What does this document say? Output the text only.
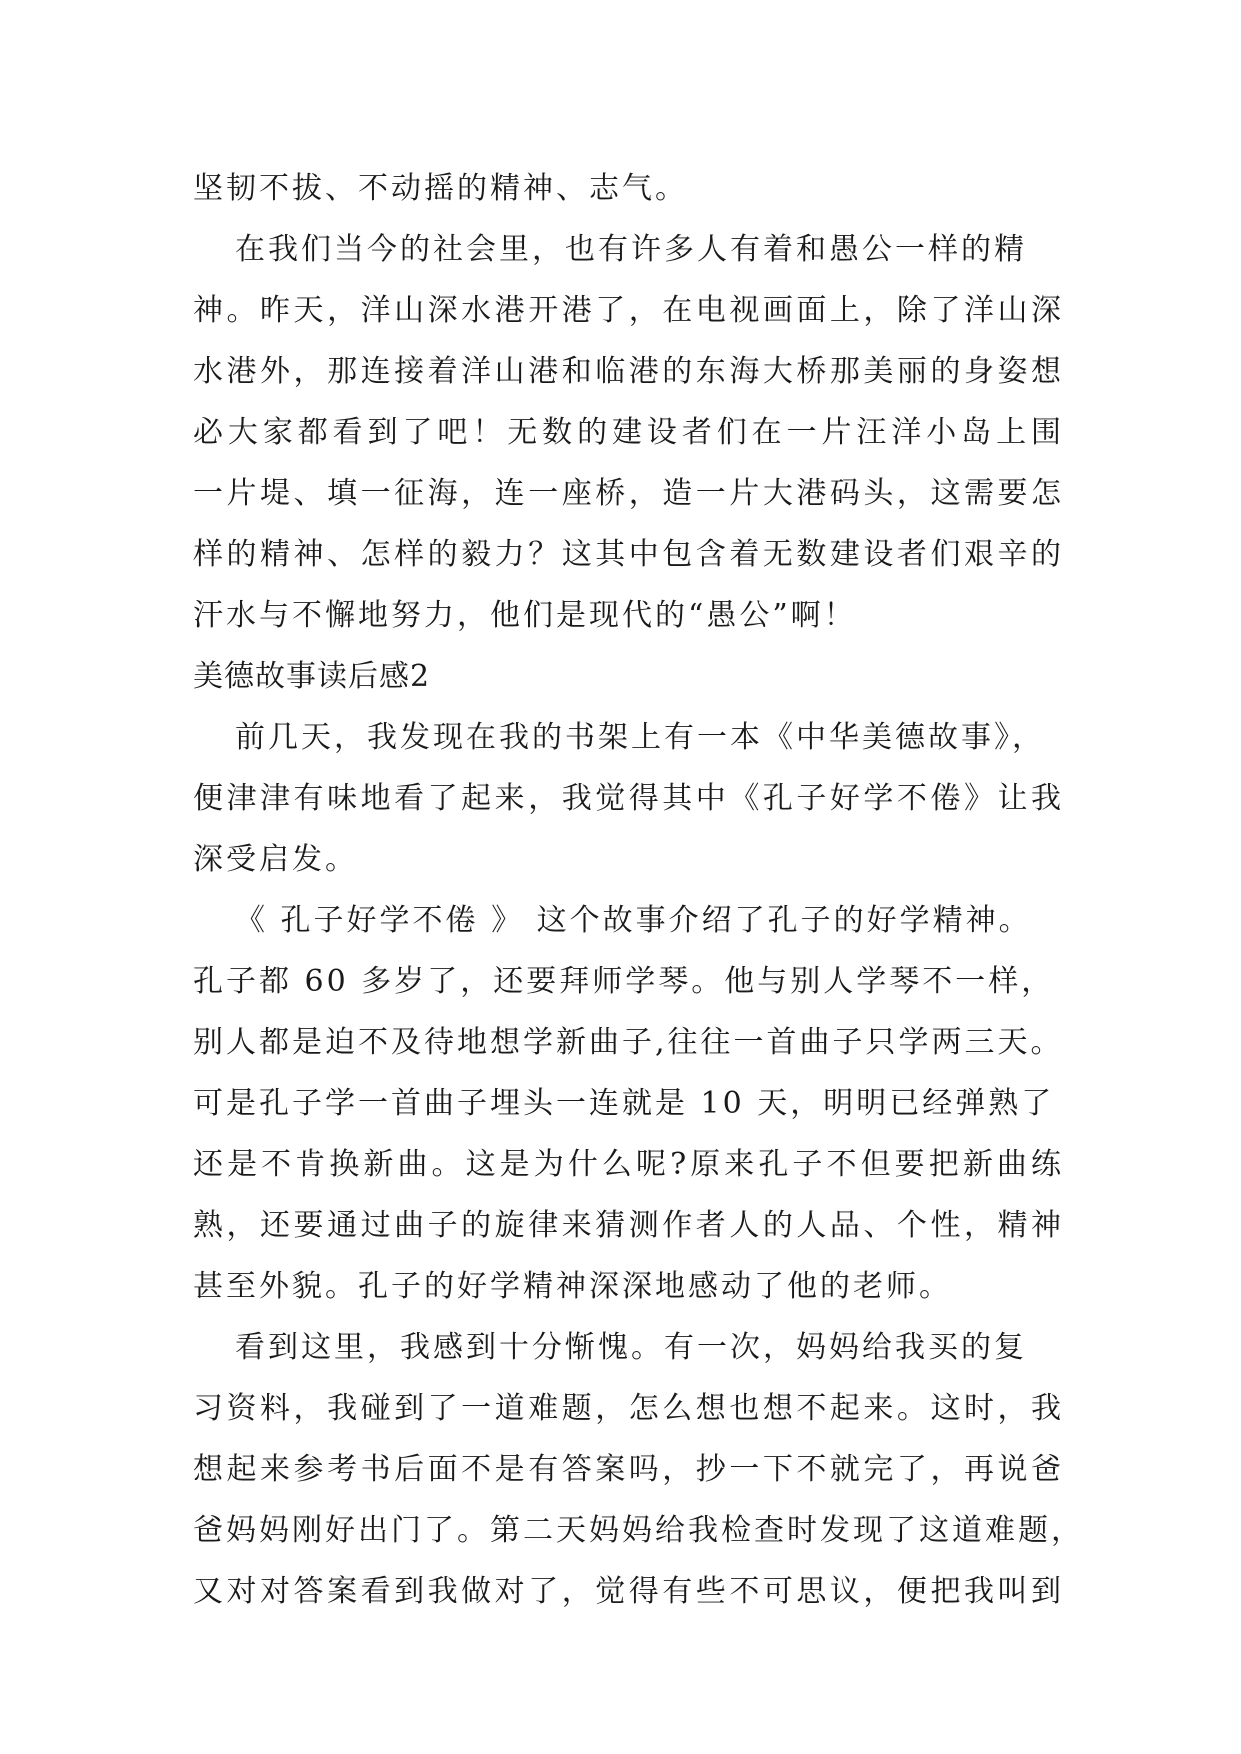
坚韧不拔、不动摇的精神、志气。
在我们当今的社会里，也有许多人有着和愚公一样的精
神。昨天，洋山深水港开港了，在电视画面上，除了洋山深
水港外，那连接着洋山港和临港的东海大桥那美丽的身姿想
必大家都看到了吧！无数的建设者们在一片汪洋小岛上围
一片堤、填一征海，连一座桥，造一片大港码头，这需要怎
样的精神、怎样的毅力？这其中包含着无数建设者们艰辛的
汗水与不懈地努力，他们是现代的“愚公”啊！
美德故事读后感2
前几天，我发现在我的书架上有一本《中华美德故事》，
便津津有味地看了起来，我觉得其中《孔子好学不倦》让我
深受启发。
《 孔子好学不倦 》 这个故事介绍了孔子的好学精神。
孔子都 60 多岁了，还要拜师学琴。他与别人学琴不一样，
别人都是迫不及待地想学新曲子,往往一首曲子只学两三天。
可是孔子学一首曲子埋头一连就是 10 天，明明已经弹熟了
还是不肯换新曲。这是为什么呢?原来孔子不但要把新曲练
熟，还要通过曲子的旋律来猜测作者人的人品、个性，精神
甚至外貌。孔子的好学精神深深地感动了他的老师。
看到这里，我感到十分惭愧。有一次，妈妈给我买的复
习资料，我碰到了一道难题，怎么想也想不起来。这时，我
想起来参考书后面不是有答案吗，抄一下不就完了，再说爸
爸妈妈刚好出门了。第二天妈妈给我检查时发现了这道难题，
又对对答案看到我做对了，觉得有些不可思议，便把我叫到
